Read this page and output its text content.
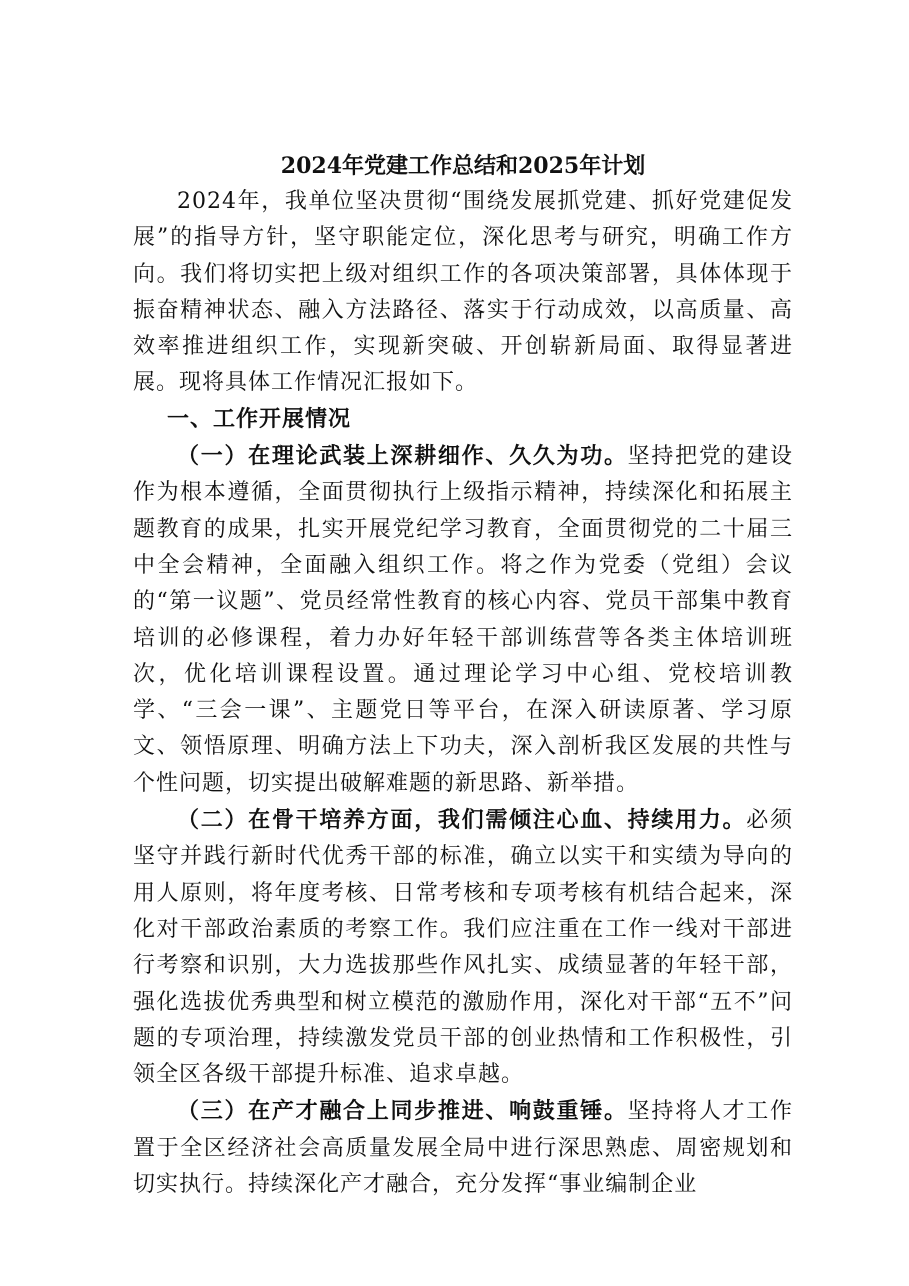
2024年党建工作总结和2025年计划

2024年，我单位坚决贯彻“围绕发展抓党建、抓好党建促发展”的指导方针，坚守职能定位，深化思考与研究，明确工作方向。我们将切实把上级对组织工作的各项决策部署，具体体现于振奋精神状态、融入方法路径、落实于行动成效，以高质量、高效率推进组织工作，实现新突破、开创崭新局面、取得显著进展。现将具体工作情况汇报如下。

一、工作开展情况

（一）在理论武装上深耕细作、久久为功。坚持把党的建设作为根本遵循，全面贯彻执行上级指示精神，持续深化和拓展主题教育的成果，扎实开展党纪学习教育，全面贯彻党的二十届三中全会精神，全面融入组织工作。将之作为党委（党组）会议的“第一议题”、党员经常性教育的核心内容、党员干部集中教育培训的必修课程，着力办好年轻干部训练营等各类主体培训班次，优化培训课程设置。通过理论学习中心组、党校培训教学、“三会一课”、主题党日等平台，在深入研读原著、学习原文、领悟原理、明确方法上下功夫，深入剖析我区发展的共性与个性问题，切实提出破解难题的新思路、新举措。

（二）在骨干培养方面，我们需倾注心血、持续用力。必须坚守并践行新时代优秀干部的标准，确立以实干和实绩为导向的用人原则，将年度考核、日常考核和专项考核有机结合起来，深化对干部政治素质的考察工作。我们应注重在工作一线对干部进行考察和识别，大力选拔那些作风扎实、成绩显著的年轻干部，强化选拔优秀典型和树立模范的激励作用，深化对干部“五不”问题的专项治理，持续激发党员干部的创业热情和工作积极性，引领全区各级干部提升标准、追求卓越。

（三）在产才融合上同步推进、响鼓重锤。坚持将人才工作置于全区经济社会高质量发展全局中进行深思熟虑、周密规划和切实执行。持续深化产才融合，充分发挥“事业编制企业
